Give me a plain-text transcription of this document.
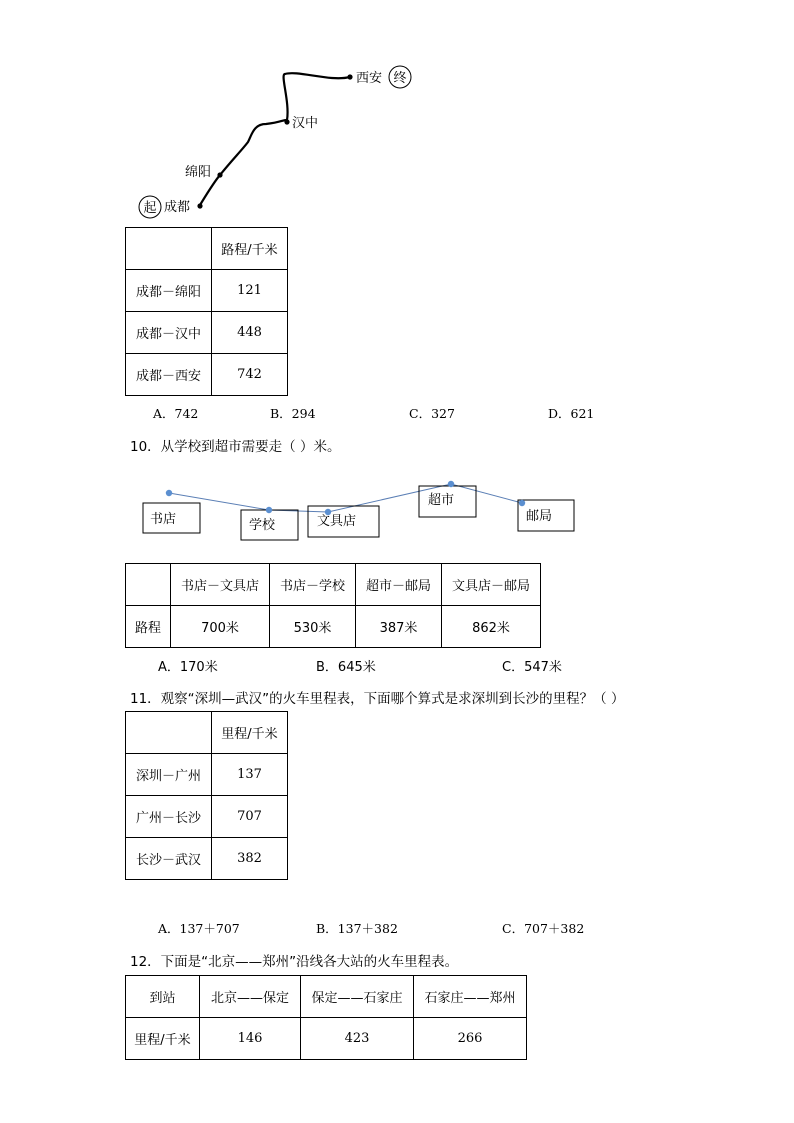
起
终
成都
绵阳
汉中
西安
	路程/千米
成都－绵阳	121
成都－汉中	448
成都－西安	742
A．742	B．294	C．327	D．621
10．从学校到超市需要走（ ）米。
书店	学校	文具店
超市
邮局
	书店－文具店	书店－学校	超市－邮局	文具店－邮局
路程	700米	530米	387米	862米
A．170米	B．645米	C．547米
11．观察“深圳—武汉”的火车里程表，下面哪个算式是求深圳到长沙的里程？（ ）
	里程/千米
深圳－广州	137
广州－长沙	707
长沙－武汉	382
A．137＋707	B．137＋382	C．707＋382
12．下面是“北京——郑州”沿线各大站的火车里程表。
到站	北京——保定	保定——石家庄	石家庄——郑州
里程/千米	146	423	266
